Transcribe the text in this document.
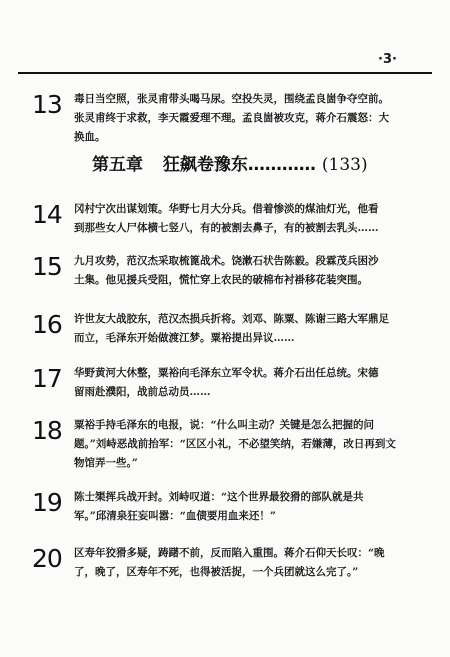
·3·
13 毒日当空照，张灵甫带头喝马尿。空投失灵，围绕孟良崮争夺空前。

张灵甫终于求救，李天霞爱理不理。孟良崮被攻克，蒋介石震怒：大

换血。

第五章 狂飙卷豫东………… (133)
14 冈村宁次出谋划策。华野七月大分兵。借着惨淡的煤油灯光，他看

到那些女人尸体横七竖八，有的被割去鼻子，有的被割去乳头……

15 九月攻势，范汉杰采取梳篦战术。饶漱石状告陈毅。段霖茂兵困沙

土集。他见援兵受阻，慌忙穿上农民的破棉布衬褂移花装突围。

16 许世友大战胶东，范汉杰损兵折将。刘邓、陈粟、陈谢三路大军鼎足

而立，毛泽东开始做渡江梦。粟裕提出异议……

17 华野黄河大休整，粟裕向毛泽东立军令状。蒋介石出任总统。宋德

留雨赴濮阳，战前总动员……

18 粟裕手持毛泽东的电报，说：“什么叫主动？关键是怎么把握的问

题。”刘峙恶战前抬军：“区区小礼，不必望笑纳，若嫌薄，改日再到文

物馆弄一些。”

19 陈士榘挥兵战开封。刘峙叹道：“这个世界最狡猾的部队就是共

军。”邱清泉狂妄叫嚣：“血债要用血来还！”

20 区寿年狡猾多疑，踌躇不前，反而陷入重围。蒋介石仰天长叹：“晚

了，晚了，区寿年不死，也得被活捉，一个兵团就这么完了。”
